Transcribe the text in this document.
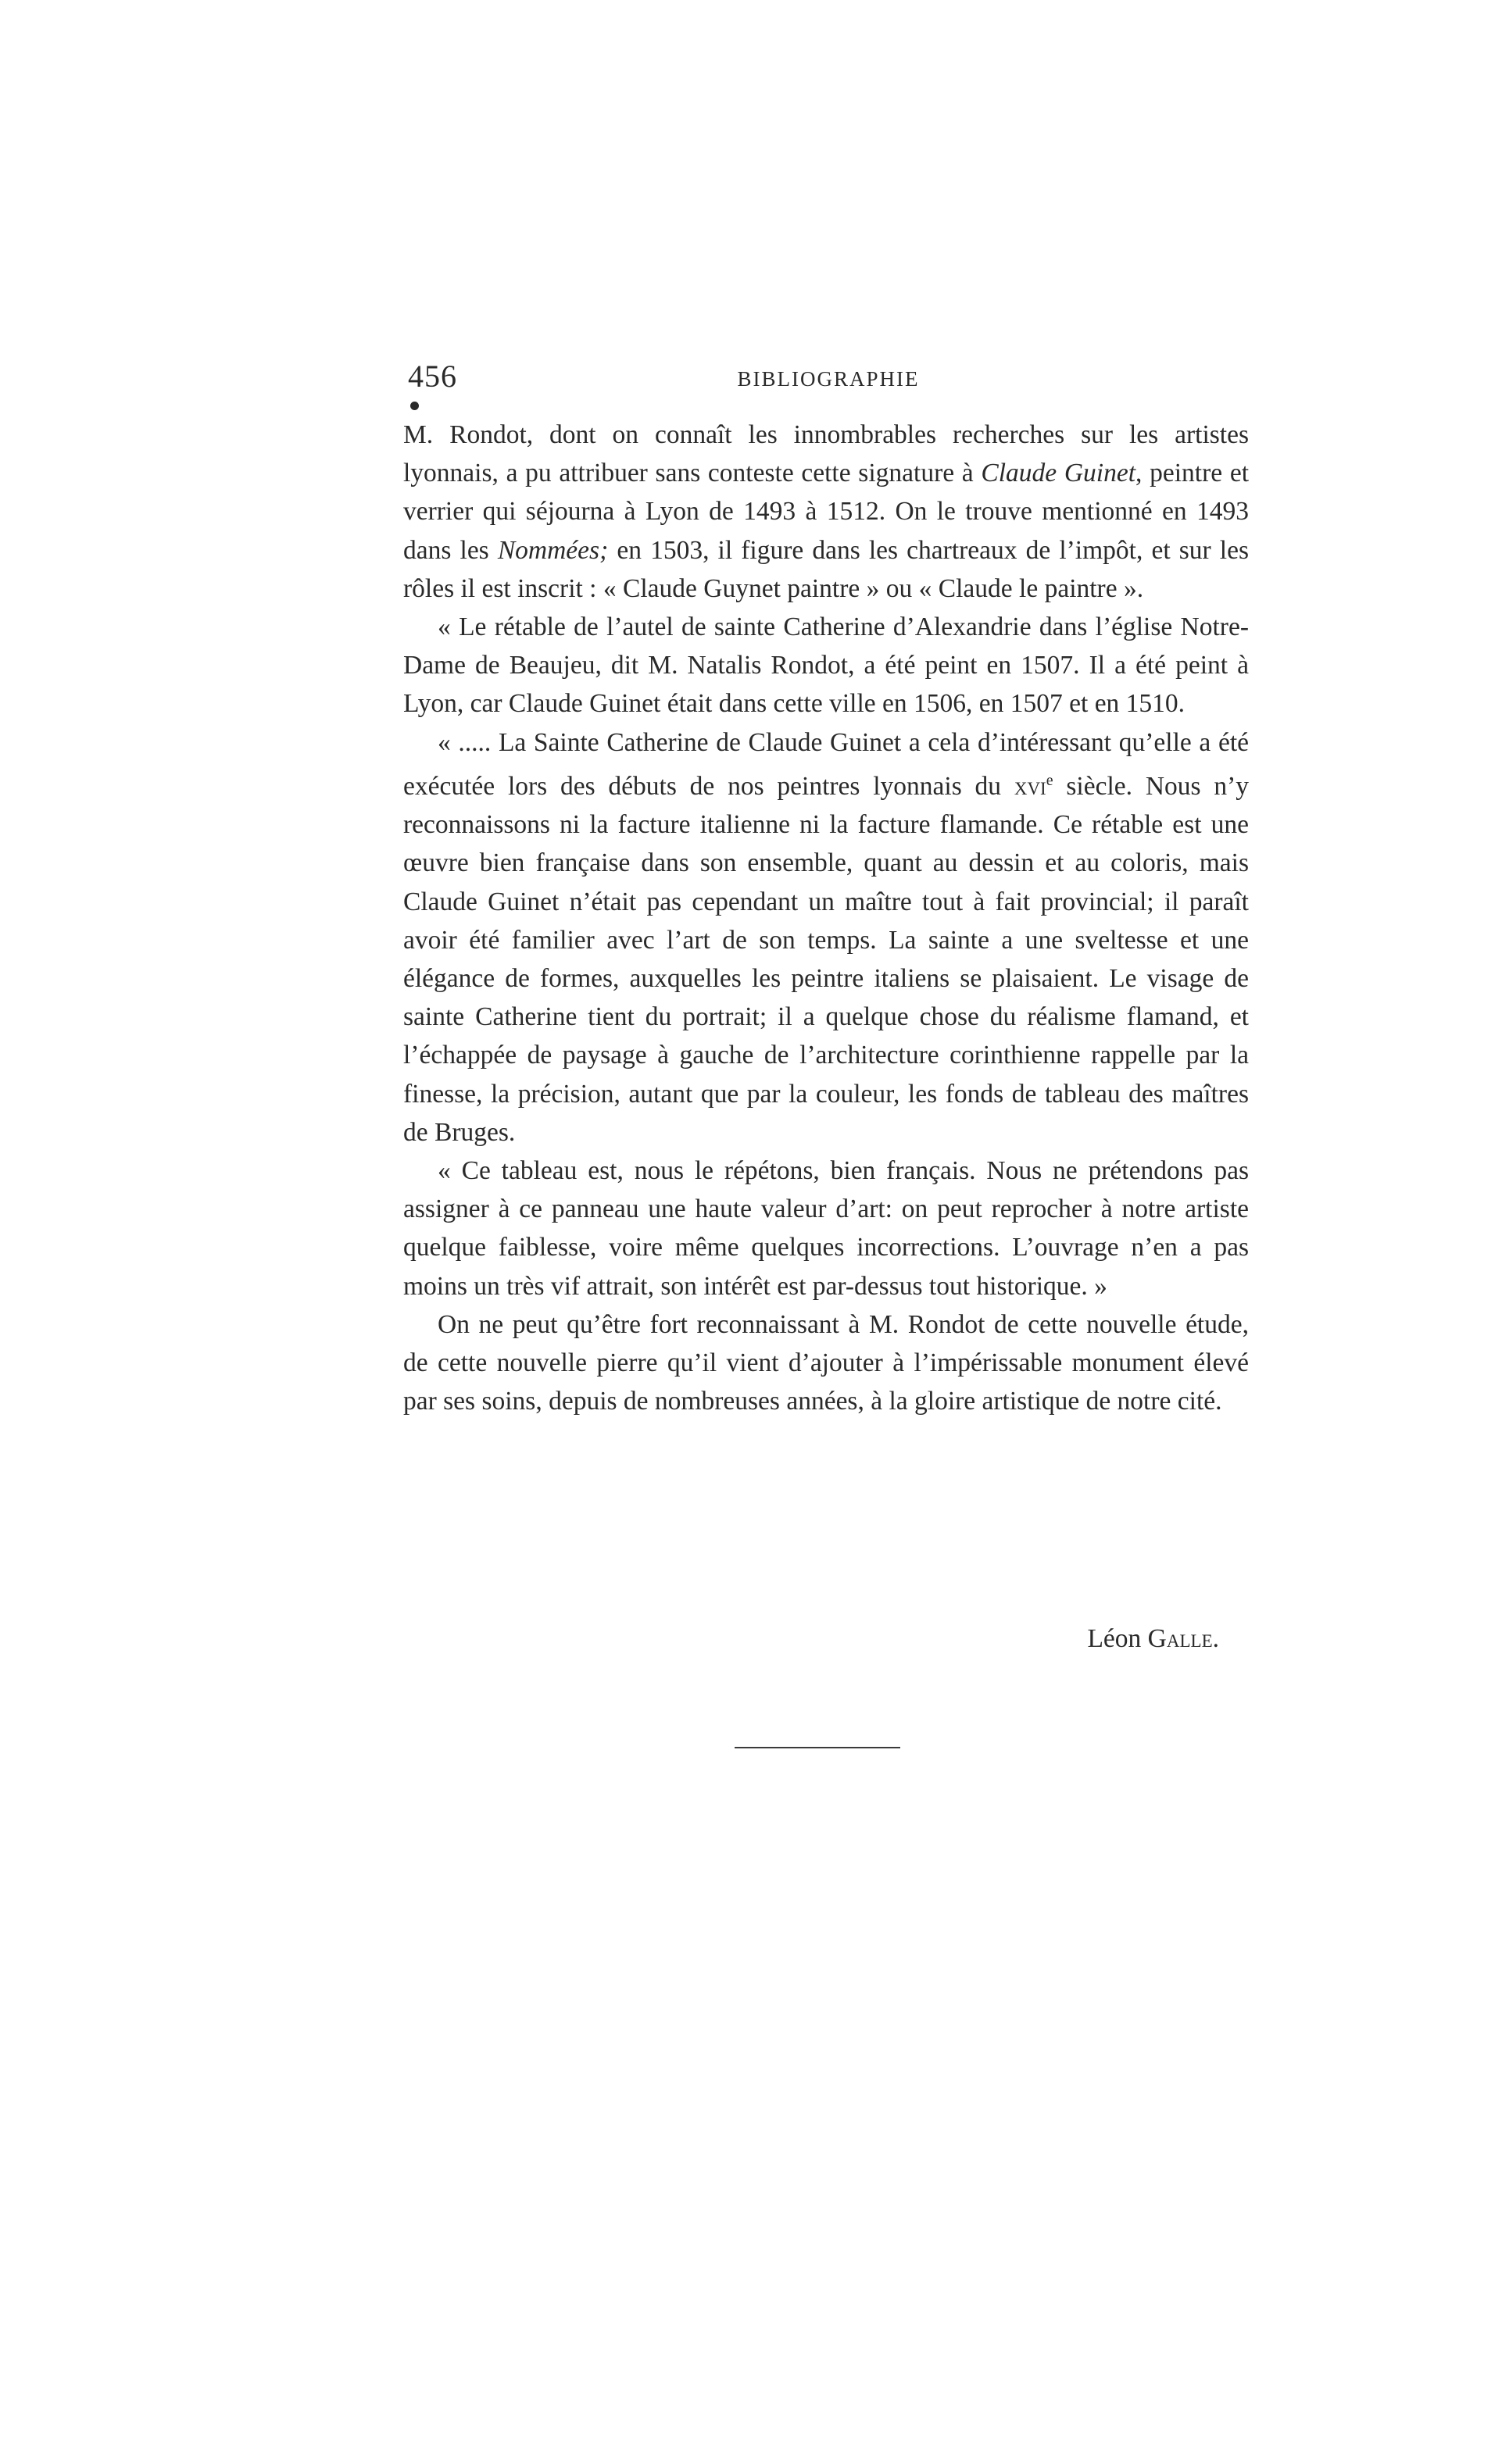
456	BIBLIOGRAPHIE

M. Rondot, dont on connaît les innombrables recherches sur les artistes lyonnais, a pu attribuer sans conteste cette signature à Claude Guinet, peintre et verrier qui séjourna à Lyon de 1493 à 1512. On le trouve mentionné en 1493 dans les Nommées; en 1503, il figure dans les chartreaux de l’impôt, et sur les rôles il est inscrit : « Claude Guynet paintre » ou « Claude le paintre ».

« Le rétable de l’autel de sainte Catherine d’Alexandrie dans l’église Notre-Dame de Beaujeu, dit M. Natalis Rondot, a été peint en 1507. Il a été peint à Lyon, car Claude Guinet était dans cette ville en 1506, en 1507 et en 1510.

« ..... La Sainte Catherine de Claude Guinet a cela d’intéressant qu’elle a été exécutée lors des débuts de nos peintres lyonnais du xvi$^e$ siècle. Nous n’y reconnaissons ni la facture italienne ni la facture flamande. Ce rétable est une œuvre bien française dans son ensemble, quant au dessin et au coloris, mais Claude Guinet n’était pas cependant un maître tout à fait provincial; il paraît avoir été familier avec l’art de son temps. La sainte a une sveltesse et une élégance de formes, auxquelles les peintre italiens se plaisaient. Le visage de sainte Catherine tient du portrait; il a quelque chose du réalisme flamand, et l’échappée de paysage à gauche de l’architecture corinthienne rappelle par la finesse, la précision, autant que par la couleur, les fonds de tableau des maîtres de Bruges.

« Ce tableau est, nous le répétons, bien français. Nous ne prétendons pas assigner à ce panneau une haute valeur d’art: on peut reprocher à notre artiste quelque faiblesse, voire même quelques incorrections. L’ouvrage n’en a pas moins un très vif attrait, son intérêt est par-dessus tout historique. »

On ne peut qu’être fort reconnaissant à M. Rondot de cette nouvelle étude, de cette nouvelle pierre qu’il vient d’ajouter à l’impérissable monument élevé par ses soins, depuis de nombreuses années, à la gloire artistique de notre cité.

Léon Galle.
